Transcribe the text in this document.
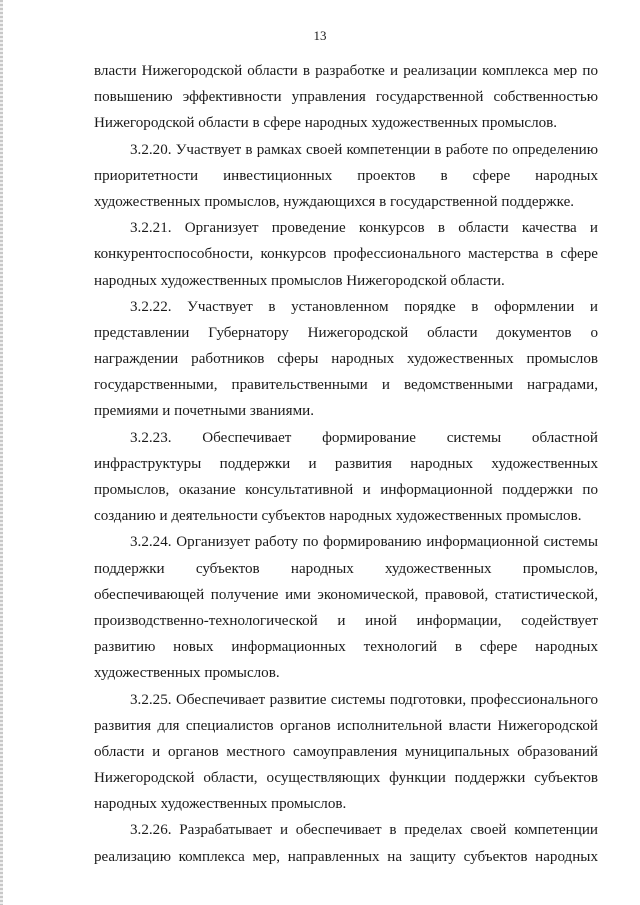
13
власти Нижегородской области в разработке и реализации комплекса мер по
повышению эффективности управления государственной собственностью
Нижегородской области в сфере народных художественных промыслов.
3.2.20. Участвует в рамках своей компетенции в работе по определению
приоритетности инвестиционных проектов в сфере народных
художественных промыслов, нуждающихся в государственной поддержке.
3.2.21. Организует проведение конкурсов в области качества и
конкурентоспособности, конкурсов профессионального мастерства в сфере
народных художественных промыслов Нижегородской области.
3.2.22. Участвует в установленном порядке в оформлении и
представлении Губернатору Нижегородской области документов о
награждении работников сферы народных художественных промыслов
государственными, правительственными и ведомственными наградами,
премиями и почетными званиями.
3.2.23. Обеспечивает формирование системы областной
инфраструктуры поддержки и развития народных художественных
промыслов, оказание консультативной и информационной поддержки по
созданию и деятельности субъектов народных художественных промыслов.
3.2.24. Организует работу по формированию информационной системы
поддержки субъектов народных художественных промыслов,
обеспечивающей получение ими экономической, правовой, статистической,
производственно-технологической и иной информации, содействует
развитию новых информационных технологий в сфере народных
художественных промыслов.
3.2.25. Обеспечивает развитие системы подготовки, профессионального
развития для специалистов органов исполнительной власти Нижегородской
области и органов местного самоуправления муниципальных образований
Нижегородской области, осуществляющих функции поддержки субъектов
народных художественных промыслов.
3.2.26. Разрабатывает и обеспечивает в пределах своей компетенции
реализацию комплекса мер, направленных на защиту субъектов народных
